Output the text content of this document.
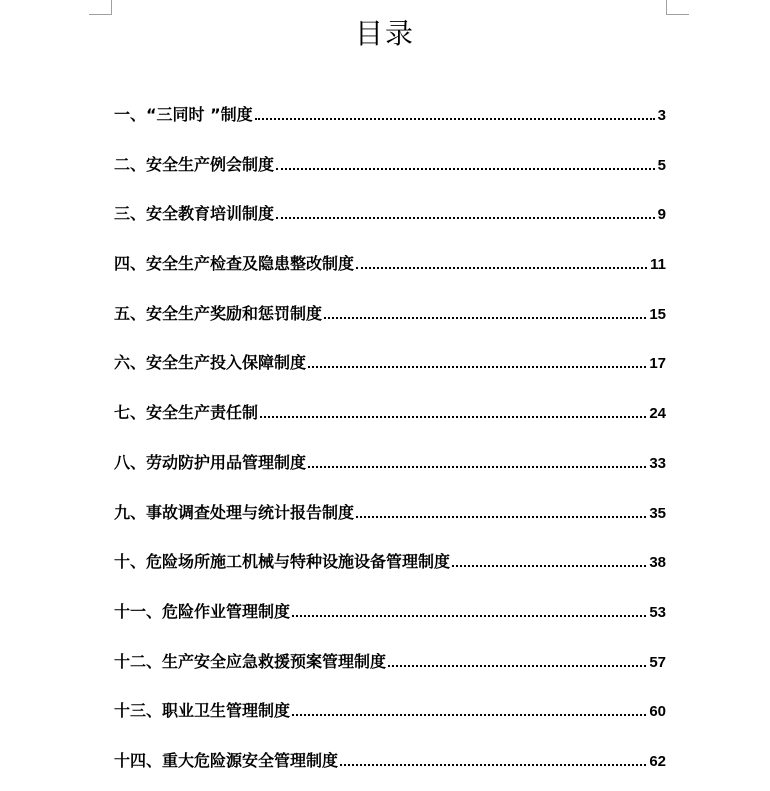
目录
一、“三同时 ”制度	3
二、安全生产例会制度	5
三、安全教育培训制度	9
四、安全生产检查及隐患整改制度	11
五、安全生产奖励和惩罚制度	15
六、安全生产投入保障制度	17
七、安全生产责任制	24
八、劳动防护用品管理制度	33
九、事故调查处理与统计报告制度	35
十、危险场所施工机械与特种设施设备管理制度	38
十一、危险作业管理制度	53
十二、生产安全应急救援预案管理制度	57
十三、职业卫生管理制度	60
十四、重大危险源安全管理制度	62
